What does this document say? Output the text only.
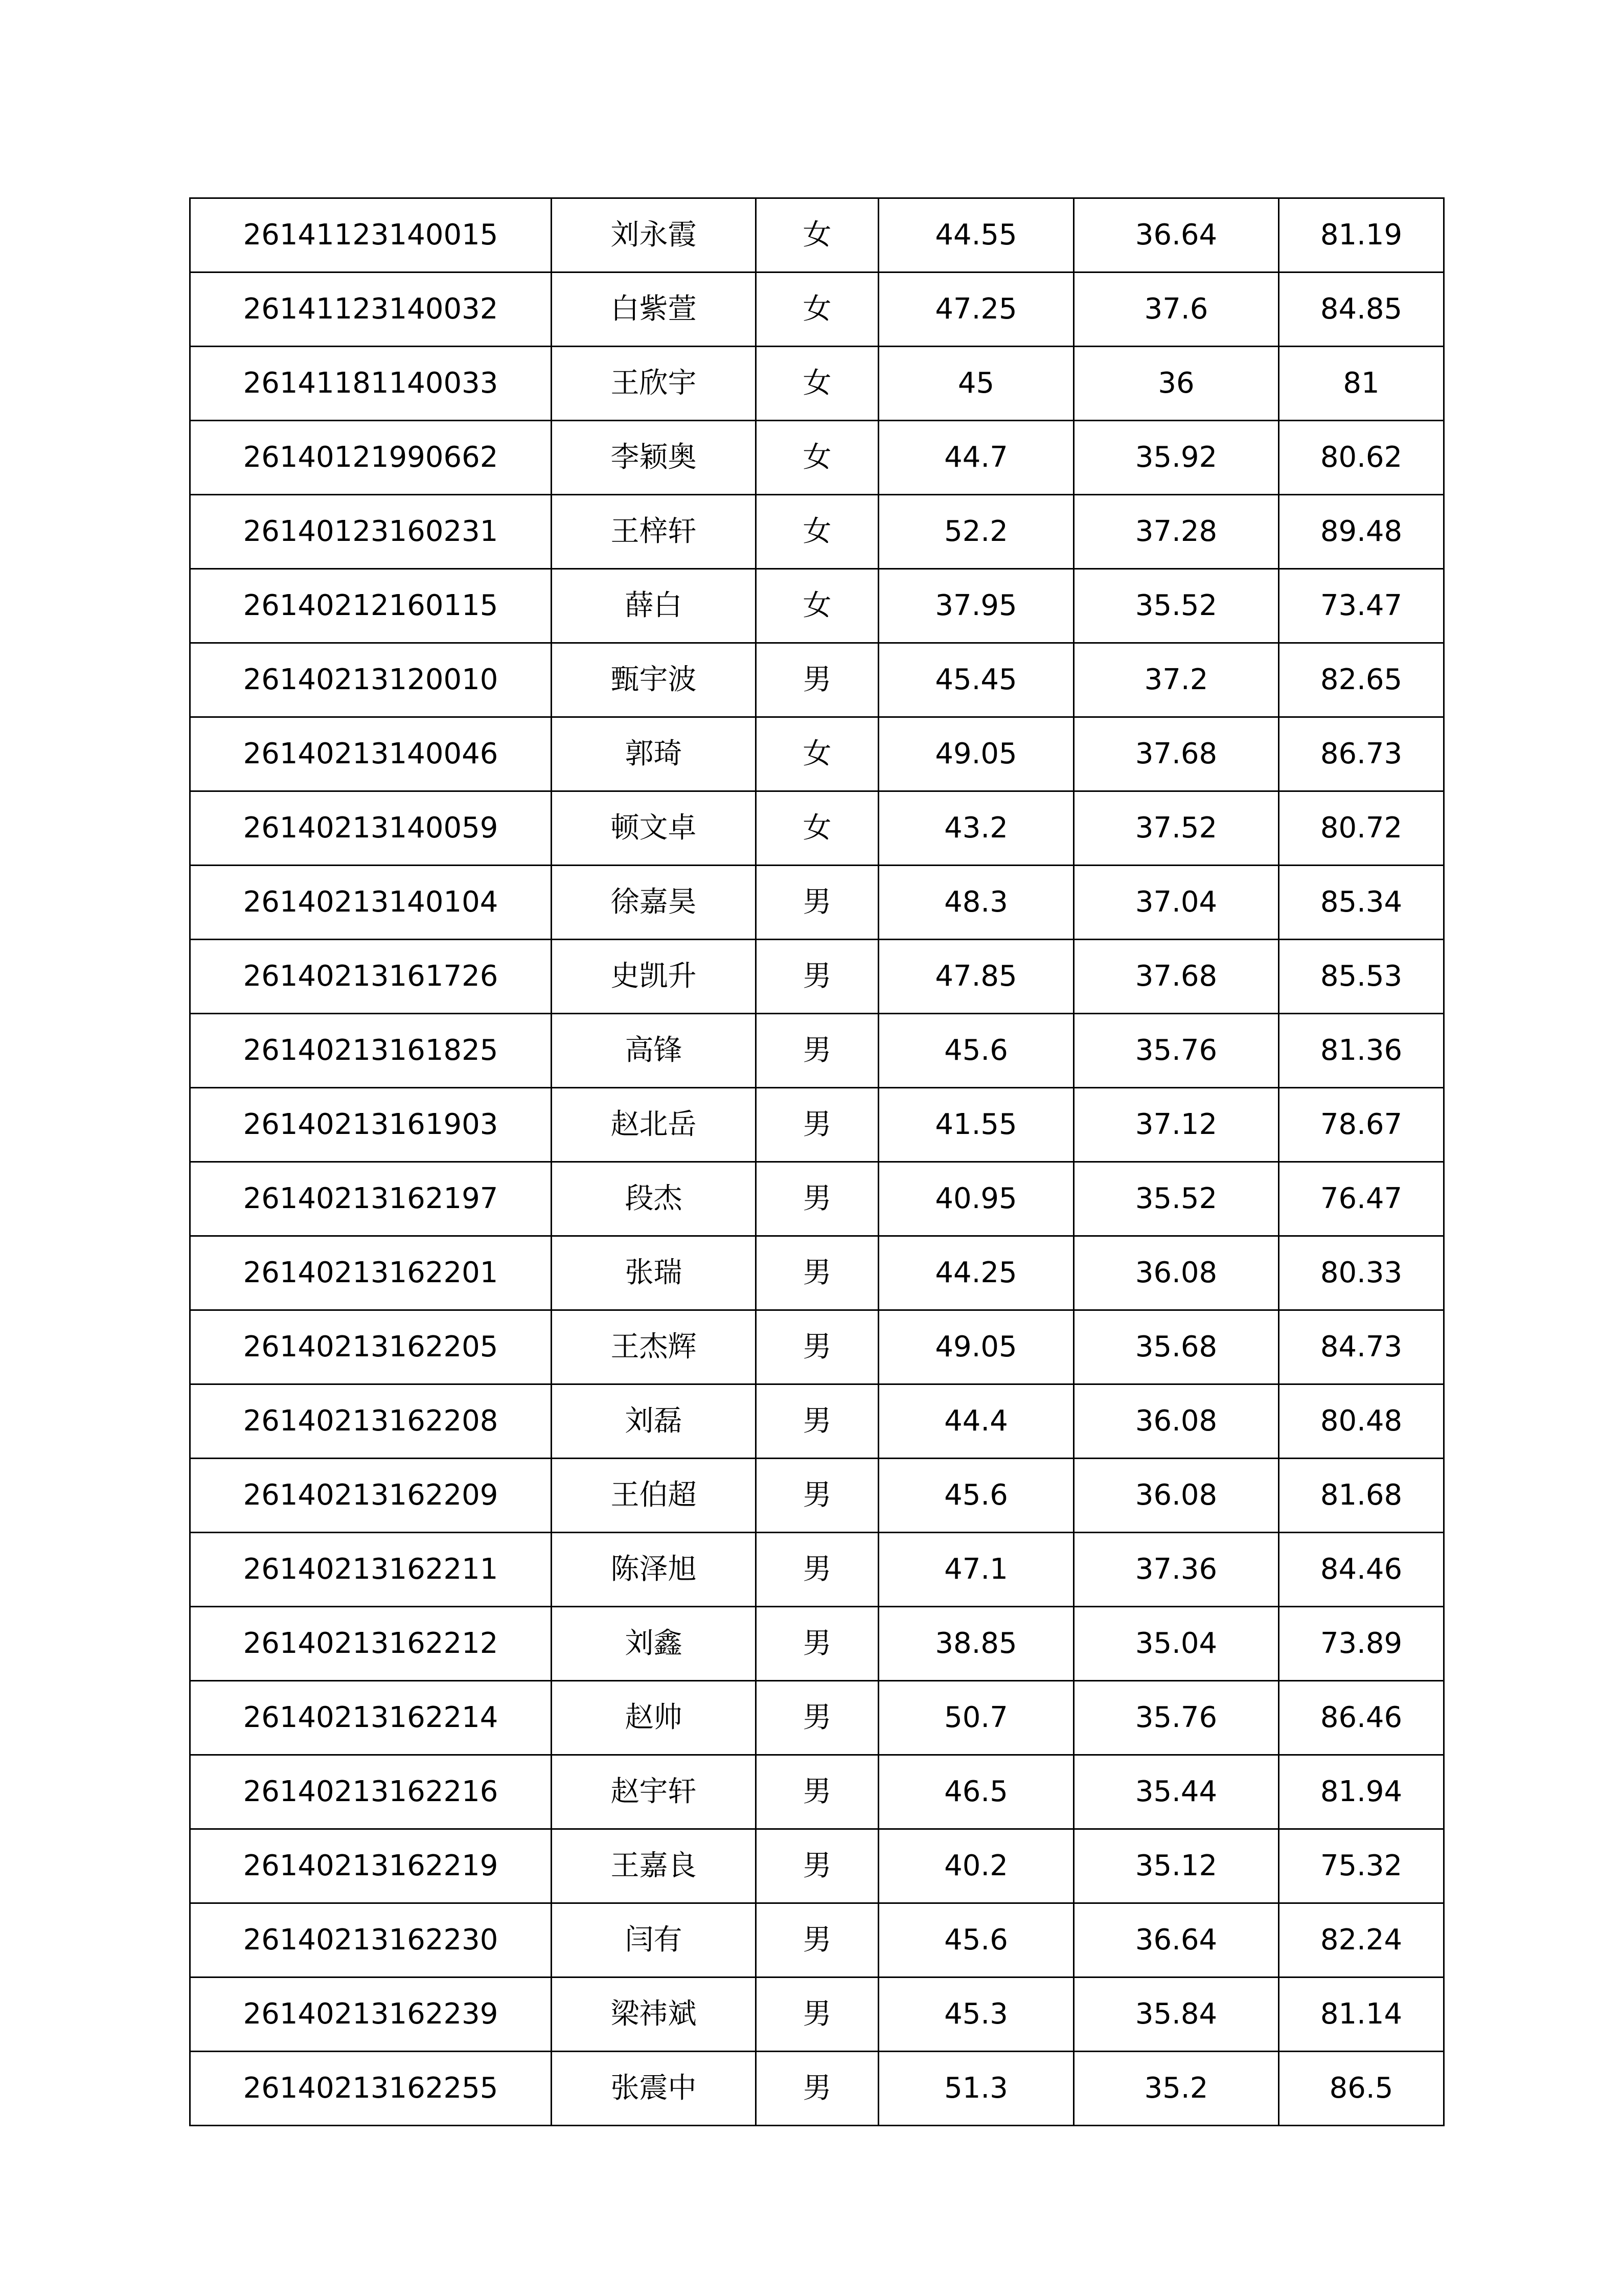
26141123140015	刘永霞	女	44.55	36.64	81.19
26141123140032	白紫萱	女	47.25	37.6	84.85
26141181140033	王欣宇	女	45	36	81
26140121990662	李颖奥	女	44.7	35.92	80.62
26140123160231	王梓轩	女	52.2	37.28	89.48
26140212160115	薛白	女	37.95	35.52	73.47
26140213120010	甄宇波	男	45.45	37.2	82.65
26140213140046	郭琦	女	49.05	37.68	86.73
26140213140059	顿文卓	女	43.2	37.52	80.72
26140213140104	徐嘉昊	男	48.3	37.04	85.34
26140213161726	史凯升	男	47.85	37.68	85.53
26140213161825	高锋	男	45.6	35.76	81.36
26140213161903	赵北岳	男	41.55	37.12	78.67
26140213162197	段杰	男	40.95	35.52	76.47
26140213162201	张瑞	男	44.25	36.08	80.33
26140213162205	王杰辉	男	49.05	35.68	84.73
26140213162208	刘磊	男	44.4	36.08	80.48
26140213162209	王伯超	男	45.6	36.08	81.68
26140213162211	陈泽旭	男	47.1	37.36	84.46
26140213162212	刘鑫	男	38.85	35.04	73.89
26140213162214	赵帅	男	50.7	35.76	86.46
26140213162216	赵宇轩	男	46.5	35.44	81.94
26140213162219	王嘉良	男	40.2	35.12	75.32
26140213162230	闫有	男	45.6	36.64	82.24
26140213162239	梁祎斌	男	45.3	35.84	81.14
26140213162255	张震中	男	51.3	35.2	86.5
